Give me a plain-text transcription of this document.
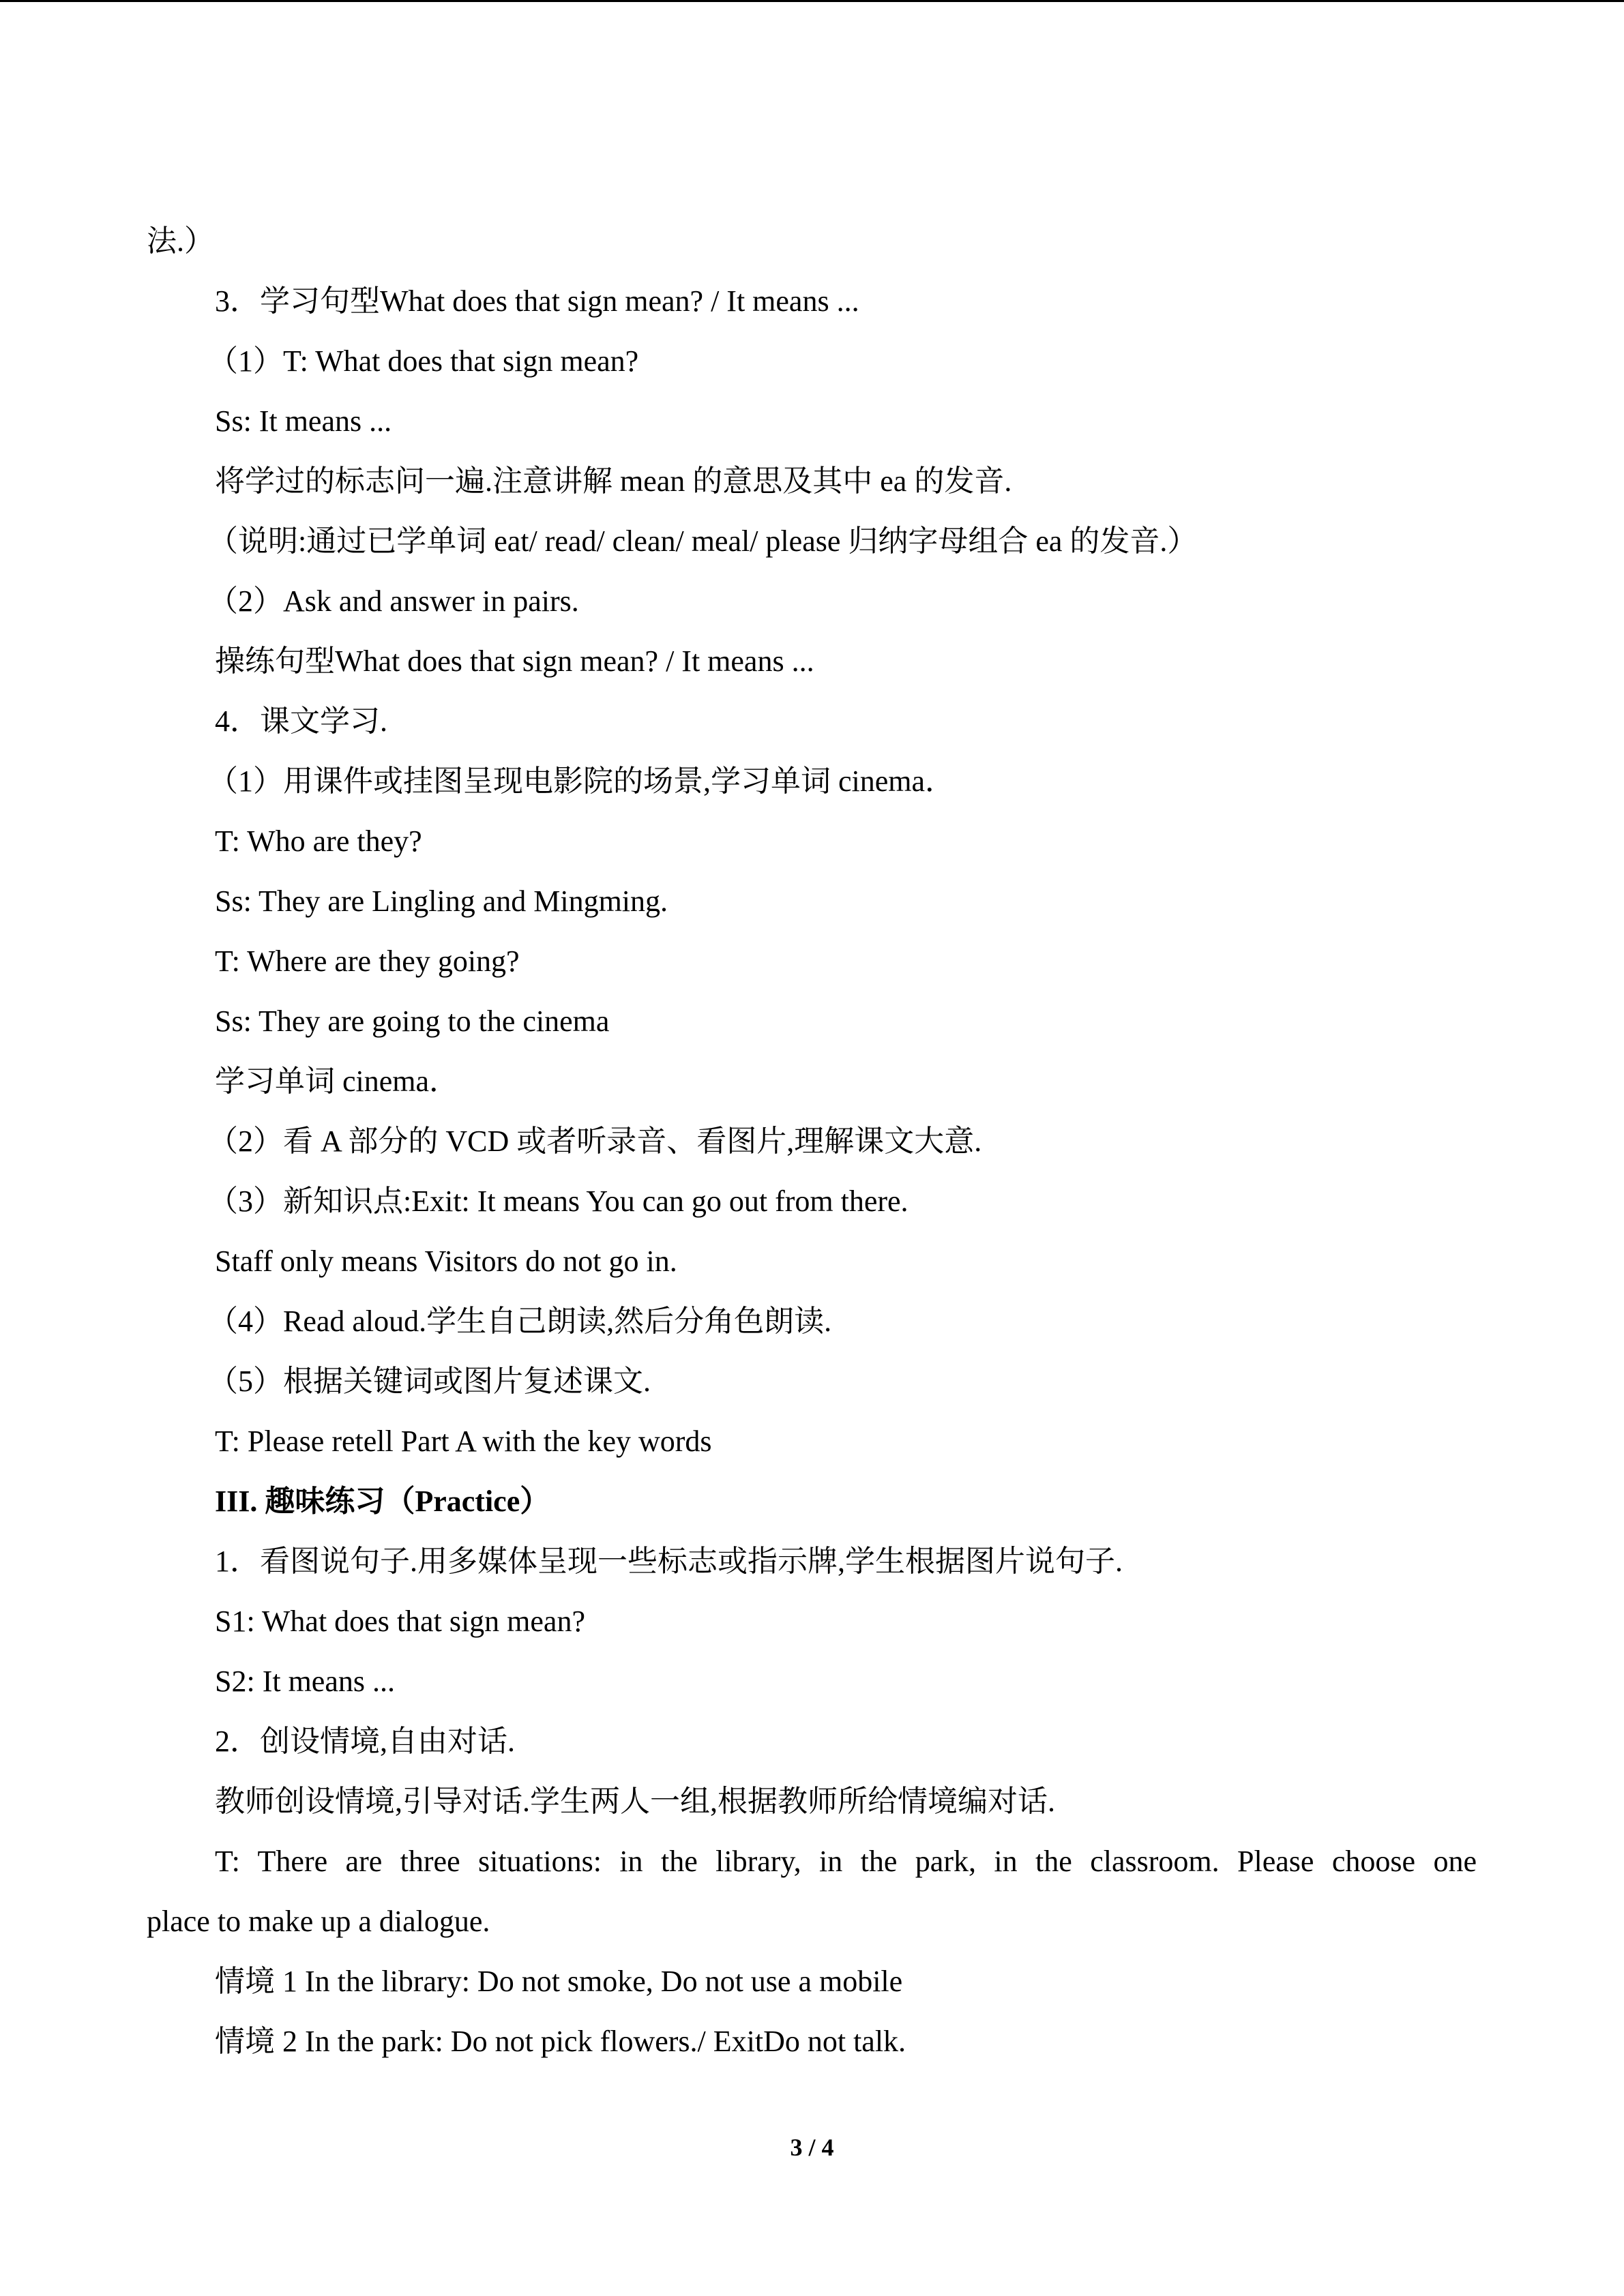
法.）

3．学习句型What does that sign mean? / It means ...

（1）T: What does that sign mean?

Ss: It means ...

将学过的标志问一遍.注意讲解 mean 的意思及其中 ea 的发音.

（说明:通过已学单词 eat/ read/ clean/ meal/ please 归纳字母组合 ea 的发音.）

（2）Ask and answer in pairs.

操练句型What does that sign mean? / It means ...

4．课文学习.

（1）用课件或挂图呈现电影院的场景,学习单词 cinema．

T: Who are they?

Ss: They are Lingling and Mingming.

T: Where are they going?

Ss: They are going to the cinema

学习单词 cinema．

（2）看 A 部分的 VCD 或者听录音、看图片,理解课文大意.

（3）新知识点:Exit: It means You can go out from there.

Staff only means Visitors do not go in.

（4）Read aloud.学生自己朗读,然后分角色朗读.

（5）根据关键词或图片复述课文.

T: Please retell Part A with the key words

III. 趣味练习（Practice）

1．看图说句子.用多媒体呈现一些标志或指示牌,学生根据图片说句子.

S1: What does that sign mean?

S2: It means ...

2．创设情境,自由对话.

教师创设情境,引导对话.学生两人一组,根据教师所给情境编对话.

T: There are three situations: in the library, in the park, in the classroom. Please choose one

place to make up a dialogue.

情境 1 In the library: Do not smoke, Do not use a mobile

情境 2 In the park: Do not pick flowers./ ExitDo not talk.

3 / 4
